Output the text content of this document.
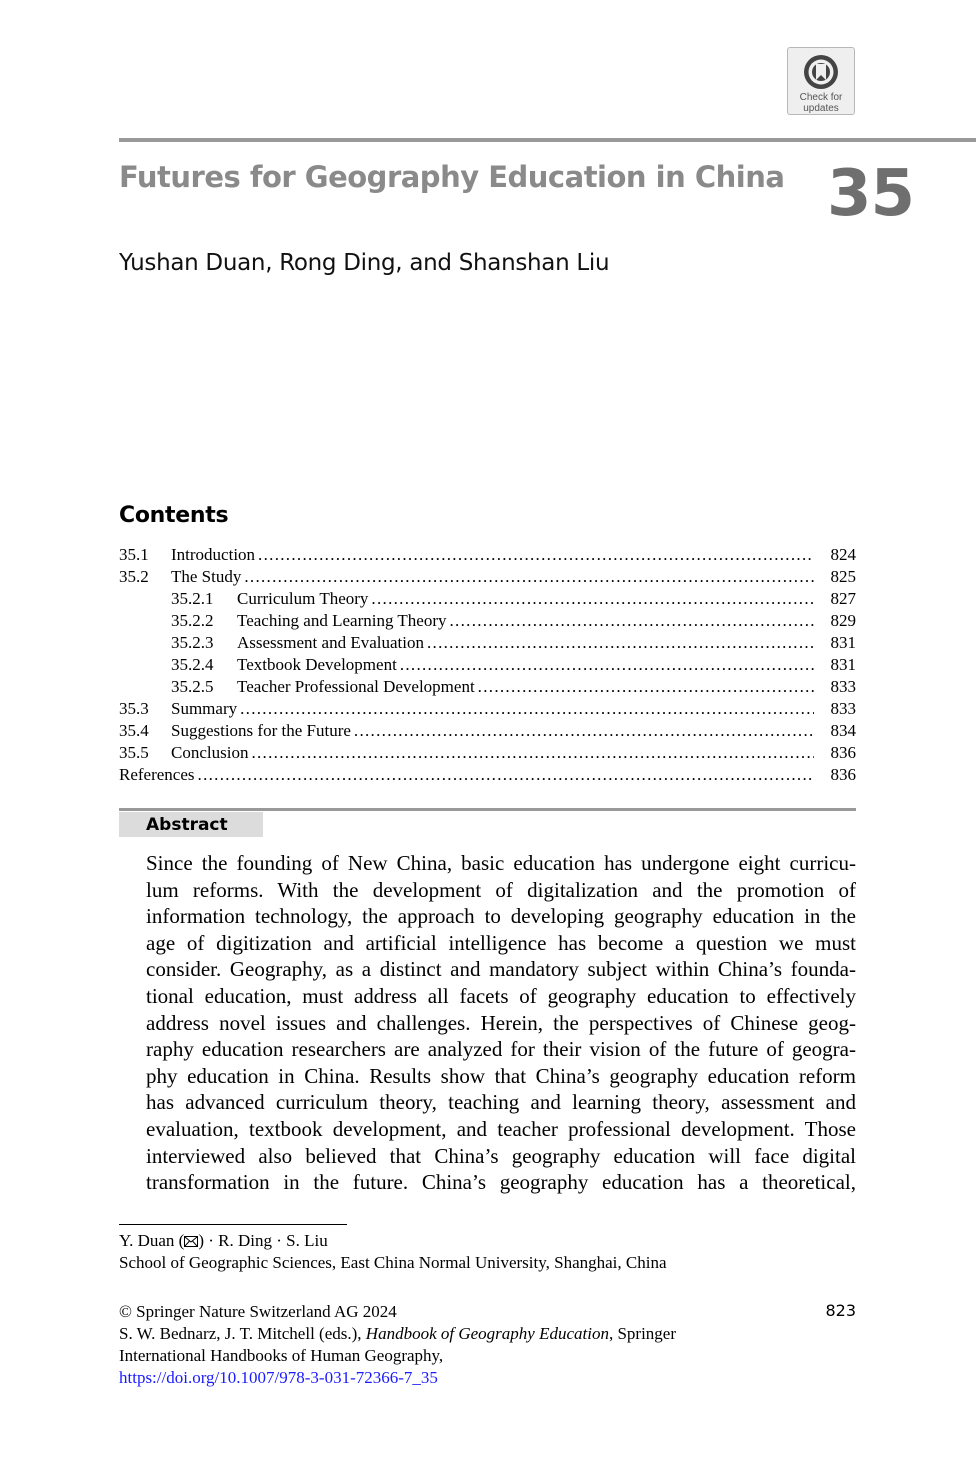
Check for
updates
Futures for Geography Education in China 35
Yushan Duan, Rong Ding, and Shanshan Liu
Contents
35.1	Introduction .....	824
35.2	The Study .....	825
35.2.1	Curriculum Theory .....	827
35.2.2	Teaching and Learning Theory .....	829
35.2.3	Assessment and Evaluation .....	831
35.2.4	Textbook Development .....	831
35.2.5	Teacher Professional Development .....	833
35.3	Summary .....	833
35.4	Suggestions for the Future .....	834
35.5	Conclusion .....	836
References .....	836
Abstract
Since the founding of New China, basic education has undergone eight curricu-
lum reforms. With the development of digitalization and the promotion of
information technology, the approach to developing geography education in the
age of digitization and artificial intelligence has become a question we must
consider. Geography, as a distinct and mandatory subject within China’s founda-
tional education, must address all facets of geography education to effectively
address novel issues and challenges. Herein, the perspectives of Chinese geog-
raphy education researchers are analyzed for their vision of the future of geogra-
phy education in China. Results show that China’s geography education reform
has advanced curriculum theory, teaching and learning theory, assessment and
evaluation, textbook development, and teacher professional development. Those
interviewed also believed that China’s geography education will face digital
transformation in the future. China’s geography education has a theoretical,
Y. Duan ( ) · R. Ding · S. Liu
School of Geographic Sciences, East China Normal University, Shanghai, China
© Springer Nature Switzerland AG 2024	823
S. W. Bednarz, J. T. Mitchell (eds.), Handbook of Geography Education, Springer
International Handbooks of Human Geography,
https://doi.org/10.1007/978-3-031-72366-7_35
